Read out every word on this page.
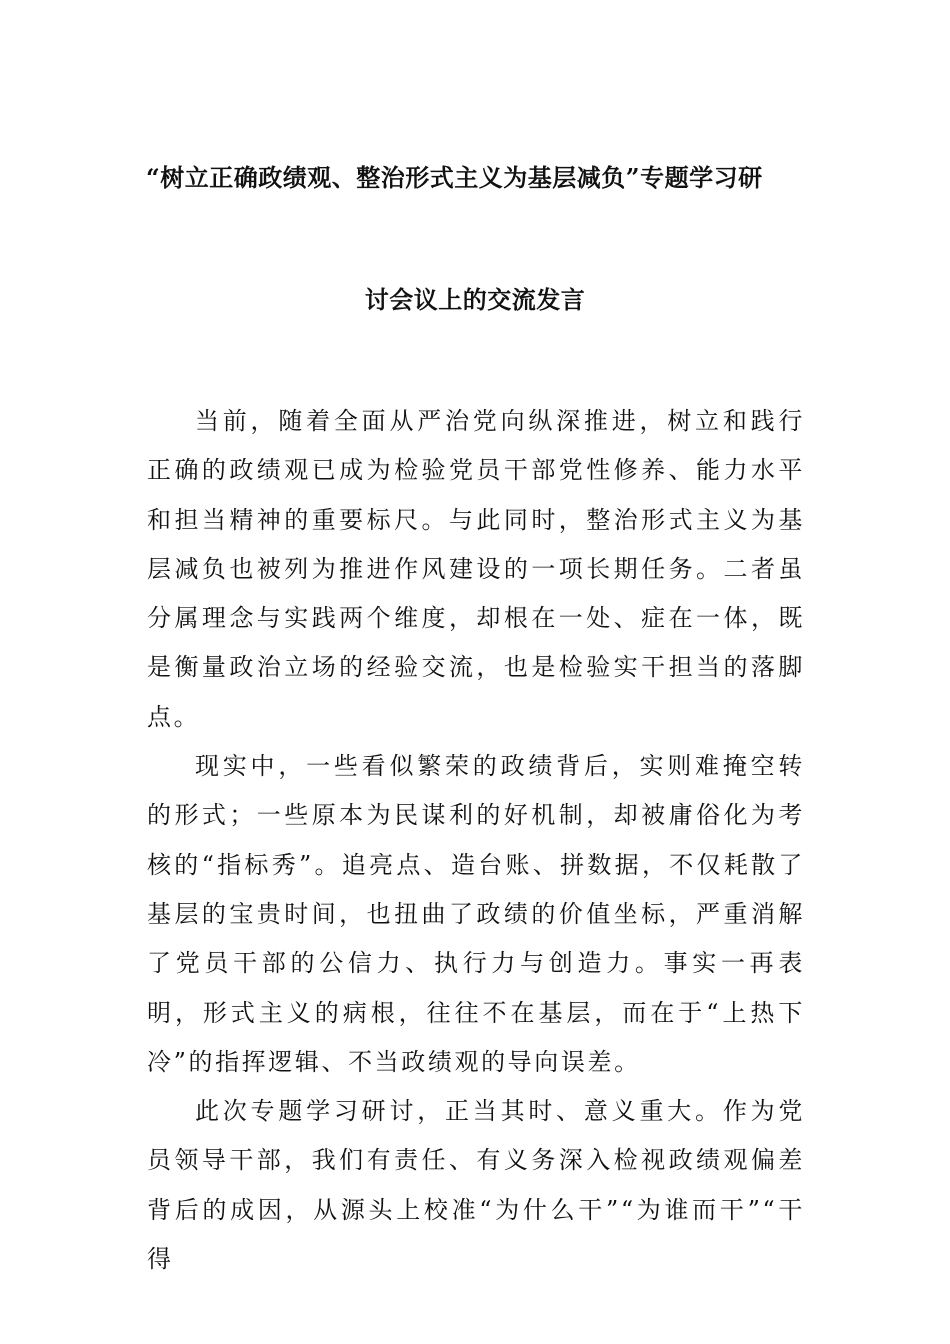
“树立正确政绩观、整治形式主义为基层减负”专题学习研
讨会议上的交流发言

当前，随着全面从严治党向纵深推进，树立和践行正确的政绩观已成为检验党员干部党性修养、能力水平和担当精神的重要标尺。与此同时，整治形式主义为基层减负也被列为推进作风建设的一项长期任务。二者虽分属理念与实践两个维度，却根在一处、症在一体，既是衡量政治立场的经验交流，也是检验实干担当的落脚点。

现实中，一些看似繁荣的政绩背后，实则难掩空转的形式；一些原本为民谋利的好机制，却被庸俗化为考核的“指标秀”。追亮点、造台账、拼数据，不仅耗散了基层的宝贵时间，也扭曲了政绩的价值坐标，严重消解了党员干部的公信力、执行力与创造力。事实一再表明，形式主义的病根，往往不在基层，而在于“上热下冷”的指挥逻辑、不当政绩观的导向误差。

此次专题学习研讨，正当其时、意义重大。作为党员领导干部，我们有责任、有义务深入检视政绩观偏差背后的成因，从源头上校准“为什么干”“为谁而干”“干得
